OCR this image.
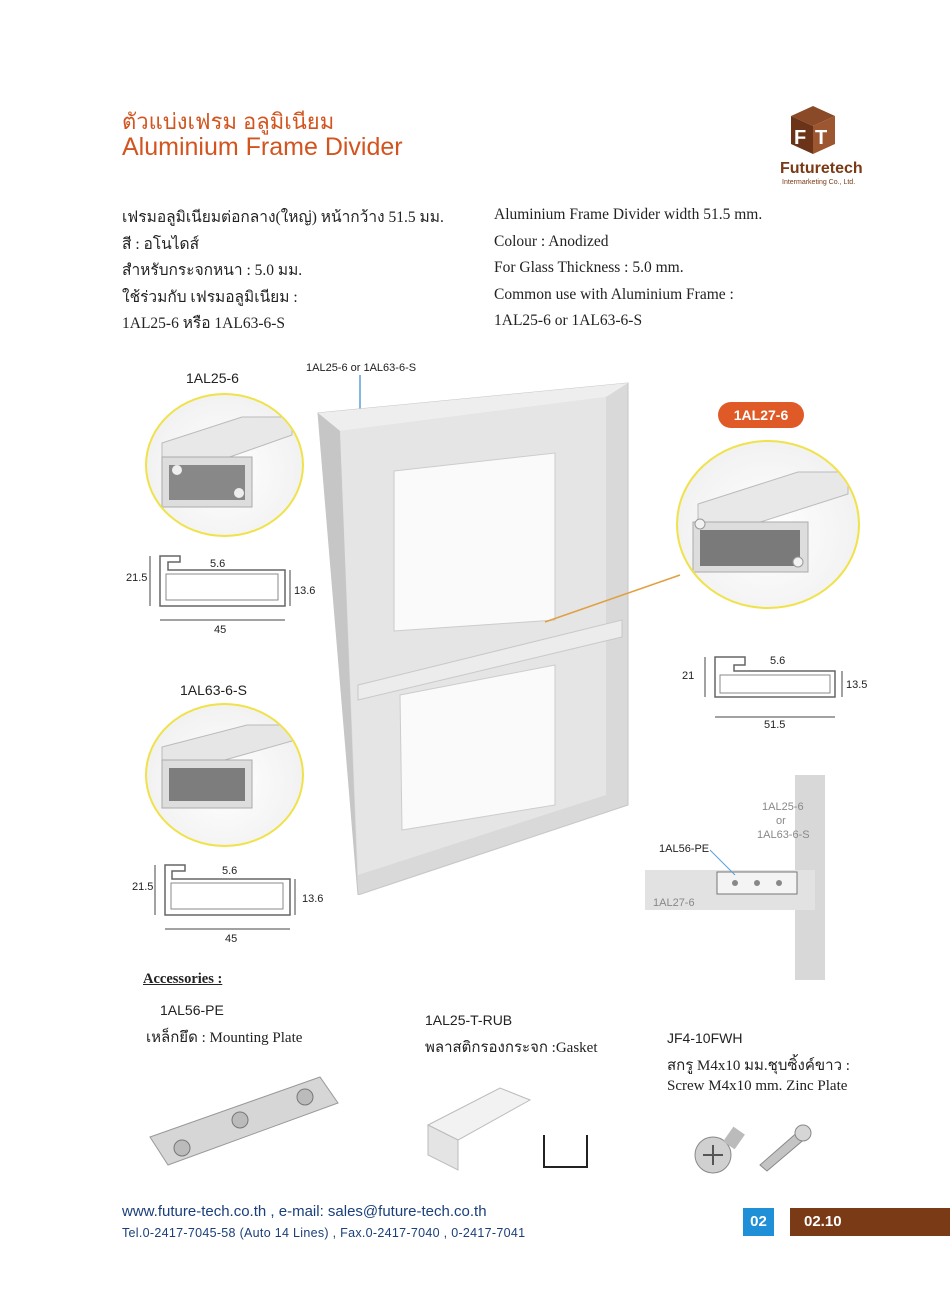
ตัวแบ่งเฟรม อลูมิเนียม
Aluminium Frame Divider	F T
Futuretech
Intermarketing Co., Ltd.
เฟรมอลูมิเนียมต่อกลาง(ใหญ่) หน้ากว้าง 51.5 มม.
สี : อโนไดส์
สำหรับกระจกหนา : 5.0 มม.
ใช้ร่วมกับ เฟรมอลูมิเนียม :
1AL25-6 หรือ 1AL63-6-S
Aluminium Frame Divider width 51.5 mm.
Colour : Anodized
For Glass Thickness : 5.0 mm.
Common use with Aluminium Frame :
1AL25-6 or 1AL63-6-S
1AL25-6
21.5
5.6
13.6
45
1AL63-6-S
21.5
5.6
13.6
45
1AL25-6 or 1AL63-6-S
1AL27-6
21
5.6
13.5
51.5
1AL25-6
or
1AL63-6-S
1AL56-PE
1AL27-6
Accessories :
1AL56-PE
เหล็กยึด : Mounting Plate
1AL25-T-RUB
พลาสติกรองกระจก :Gasket
JF4-10FWH
สกรู M4x10 มม.ชุบซิ้งค์ขาว :
Screw M4x10 mm. Zinc Plate
www.future-tech.co.th , e-mail: sales@future-tech.co.th
Tel.0-2417-7045-58 (Auto 14 Lines) , Fax.0-2417-7040 , 0-2417-7041
02	02.10
